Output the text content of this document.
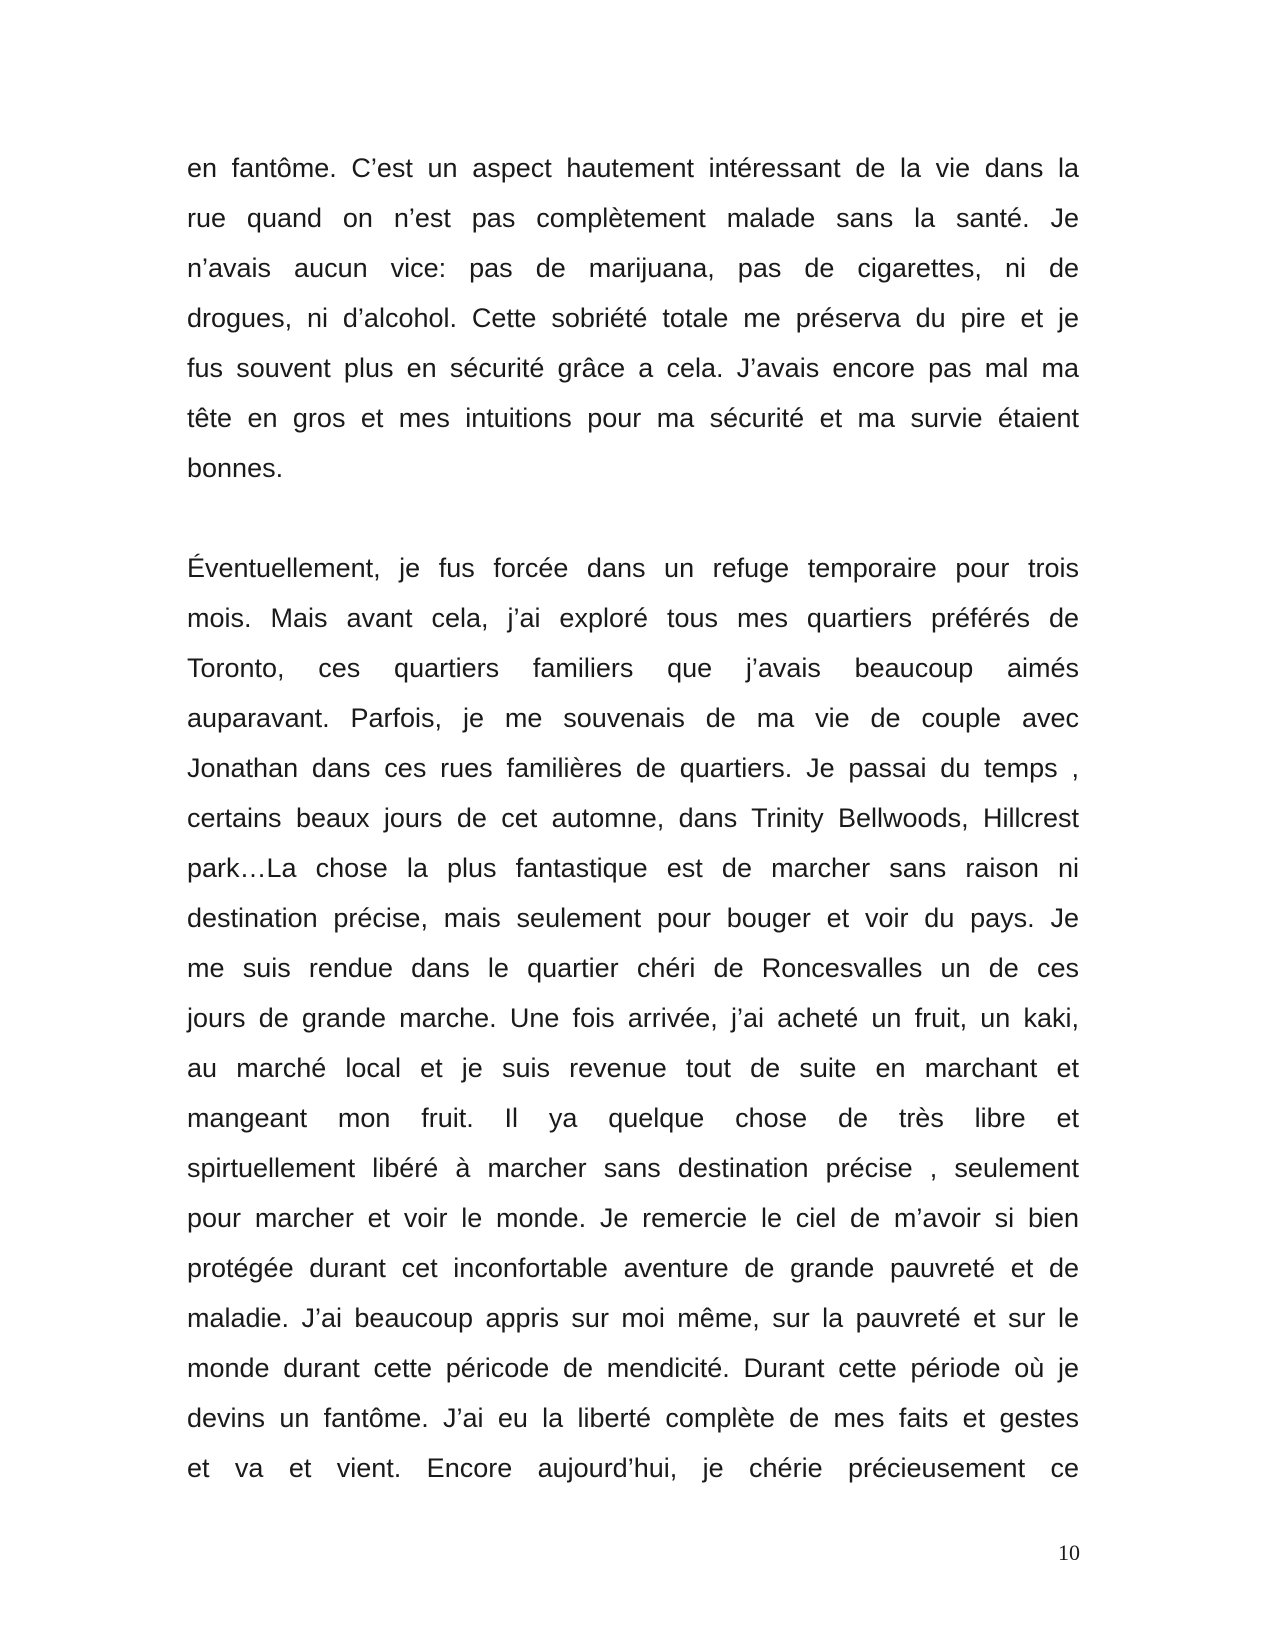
en fantôme. C’est un aspect hautement intéressant de la vie dans la
rue quand on n’est pas complètement malade sans la santé. Je
n’avais aucun vice: pas de marijuana, pas de cigarettes, ni de
drogues, ni d’alcohol. Cette sobriété totale me préserva du pire et je
fus souvent plus en sécurité grâce a cela. J’avais encore pas mal ma
tête en gros et mes intuitions pour ma sécurité et ma survie étaient
bonnes.
Éventuellement, je fus forcée dans un refuge temporaire pour trois
mois. Mais avant cela, j’ai exploré tous mes quartiers préférés de
Toronto, ces quartiers familiers que j’avais beaucoup aimés
auparavant. Parfois, je me souvenais de ma vie de couple avec
Jonathan dans ces rues familières de quartiers. Je passai du temps ,
certains beaux jours de cet automne, dans Trinity Bellwoods, Hillcrest
park…La chose la plus fantastique est de marcher sans raison ni
destination précise, mais seulement pour bouger et voir du pays. Je
me suis rendue dans le quartier chéri de Roncesvalles un de ces
jours de grande marche. Une fois arrivée, j’ai acheté un fruit, un kaki,
au marché local et je suis revenue tout de suite en marchant et
mangeant mon fruit. Il ya quelque chose de très libre et
spirtuellement libéré à marcher sans destination précise , seulement
pour marcher et voir le monde. Je remercie le ciel de m’avoir si bien
protégée durant cet inconfortable aventure de grande pauvreté et de
maladie. J’ai beaucoup appris sur moi même, sur la pauvreté et sur le
monde durant cette péricode de mendicité. Durant cette période où je
devins un fantôme. J’ai eu la liberté complète de mes faits et gestes
et va et vient. Encore aujourd’hui, je chérie précieusement ce
10
